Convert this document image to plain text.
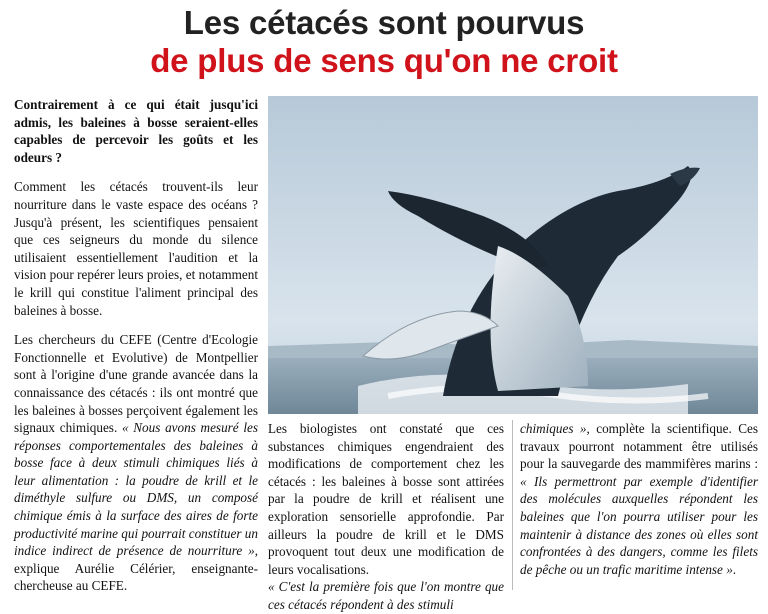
Les cétacés sont pourvus
de plus de sens qu'on ne croit

Contrairement à ce qui était jusqu'ici admis, les baleines à bosse seraient-elles capables de percevoir les goûts et les odeurs ?

Comment les cétacés trouvent-ils leur nourriture dans le vaste espace des océans ? Jusqu'à présent, les scientifiques pensaient que ces seigneurs du monde du silence utilisaient essentiellement l'audition et la vision pour repérer leurs proies, et notamment le krill qui constitue l'aliment principal des baleines à bosse.

Les chercheurs du CEFE (Centre d'Ecologie Fonctionnelle et Evolutive) de Montpellier sont à l'origine d'une grande avancée dans la connaissance des cétacés : ils ont montré que les baleines à bosses perçoivent également les signaux chimiques. « Nous avons mesuré les réponses comportementales des baleines à bosse face à deux stimuli chimiques liés à leur alimentation : la poudre de krill et le diméthyle sulfure ou DMS, un composé chimique émis à la surface des aires de forte productivité marine qui pourrait constituer un indice indirect de présence de nourriture », explique Aurélie Célérier, enseignante-chercheuse au CEFE.

Les biologistes ont constaté que ces substances chimiques engendraient des modifications de comportement chez les cétacés : les baleines à bosse sont attirées par la poudre de krill et réalisent une exploration sensorielle approfondie. Par ailleurs la poudre de krill et le DMS provoquent tout deux une modification de leurs vocalisations.
« C'est la première fois que l'on montre que ces cétacés répondent à des stimuli

chimiques », complète la scientifique. Ces travaux pourront notamment être utilisés pour la sauvegarde des mammifères marins : « Ils permettront par exemple d'identifier des molécules auxquelles répondent les baleines que l'on pourra utiliser pour les maintenir à distance des zones où elles sont confrontées à des dangers, comme les filets de pêche ou un trafic maritime intense ».
